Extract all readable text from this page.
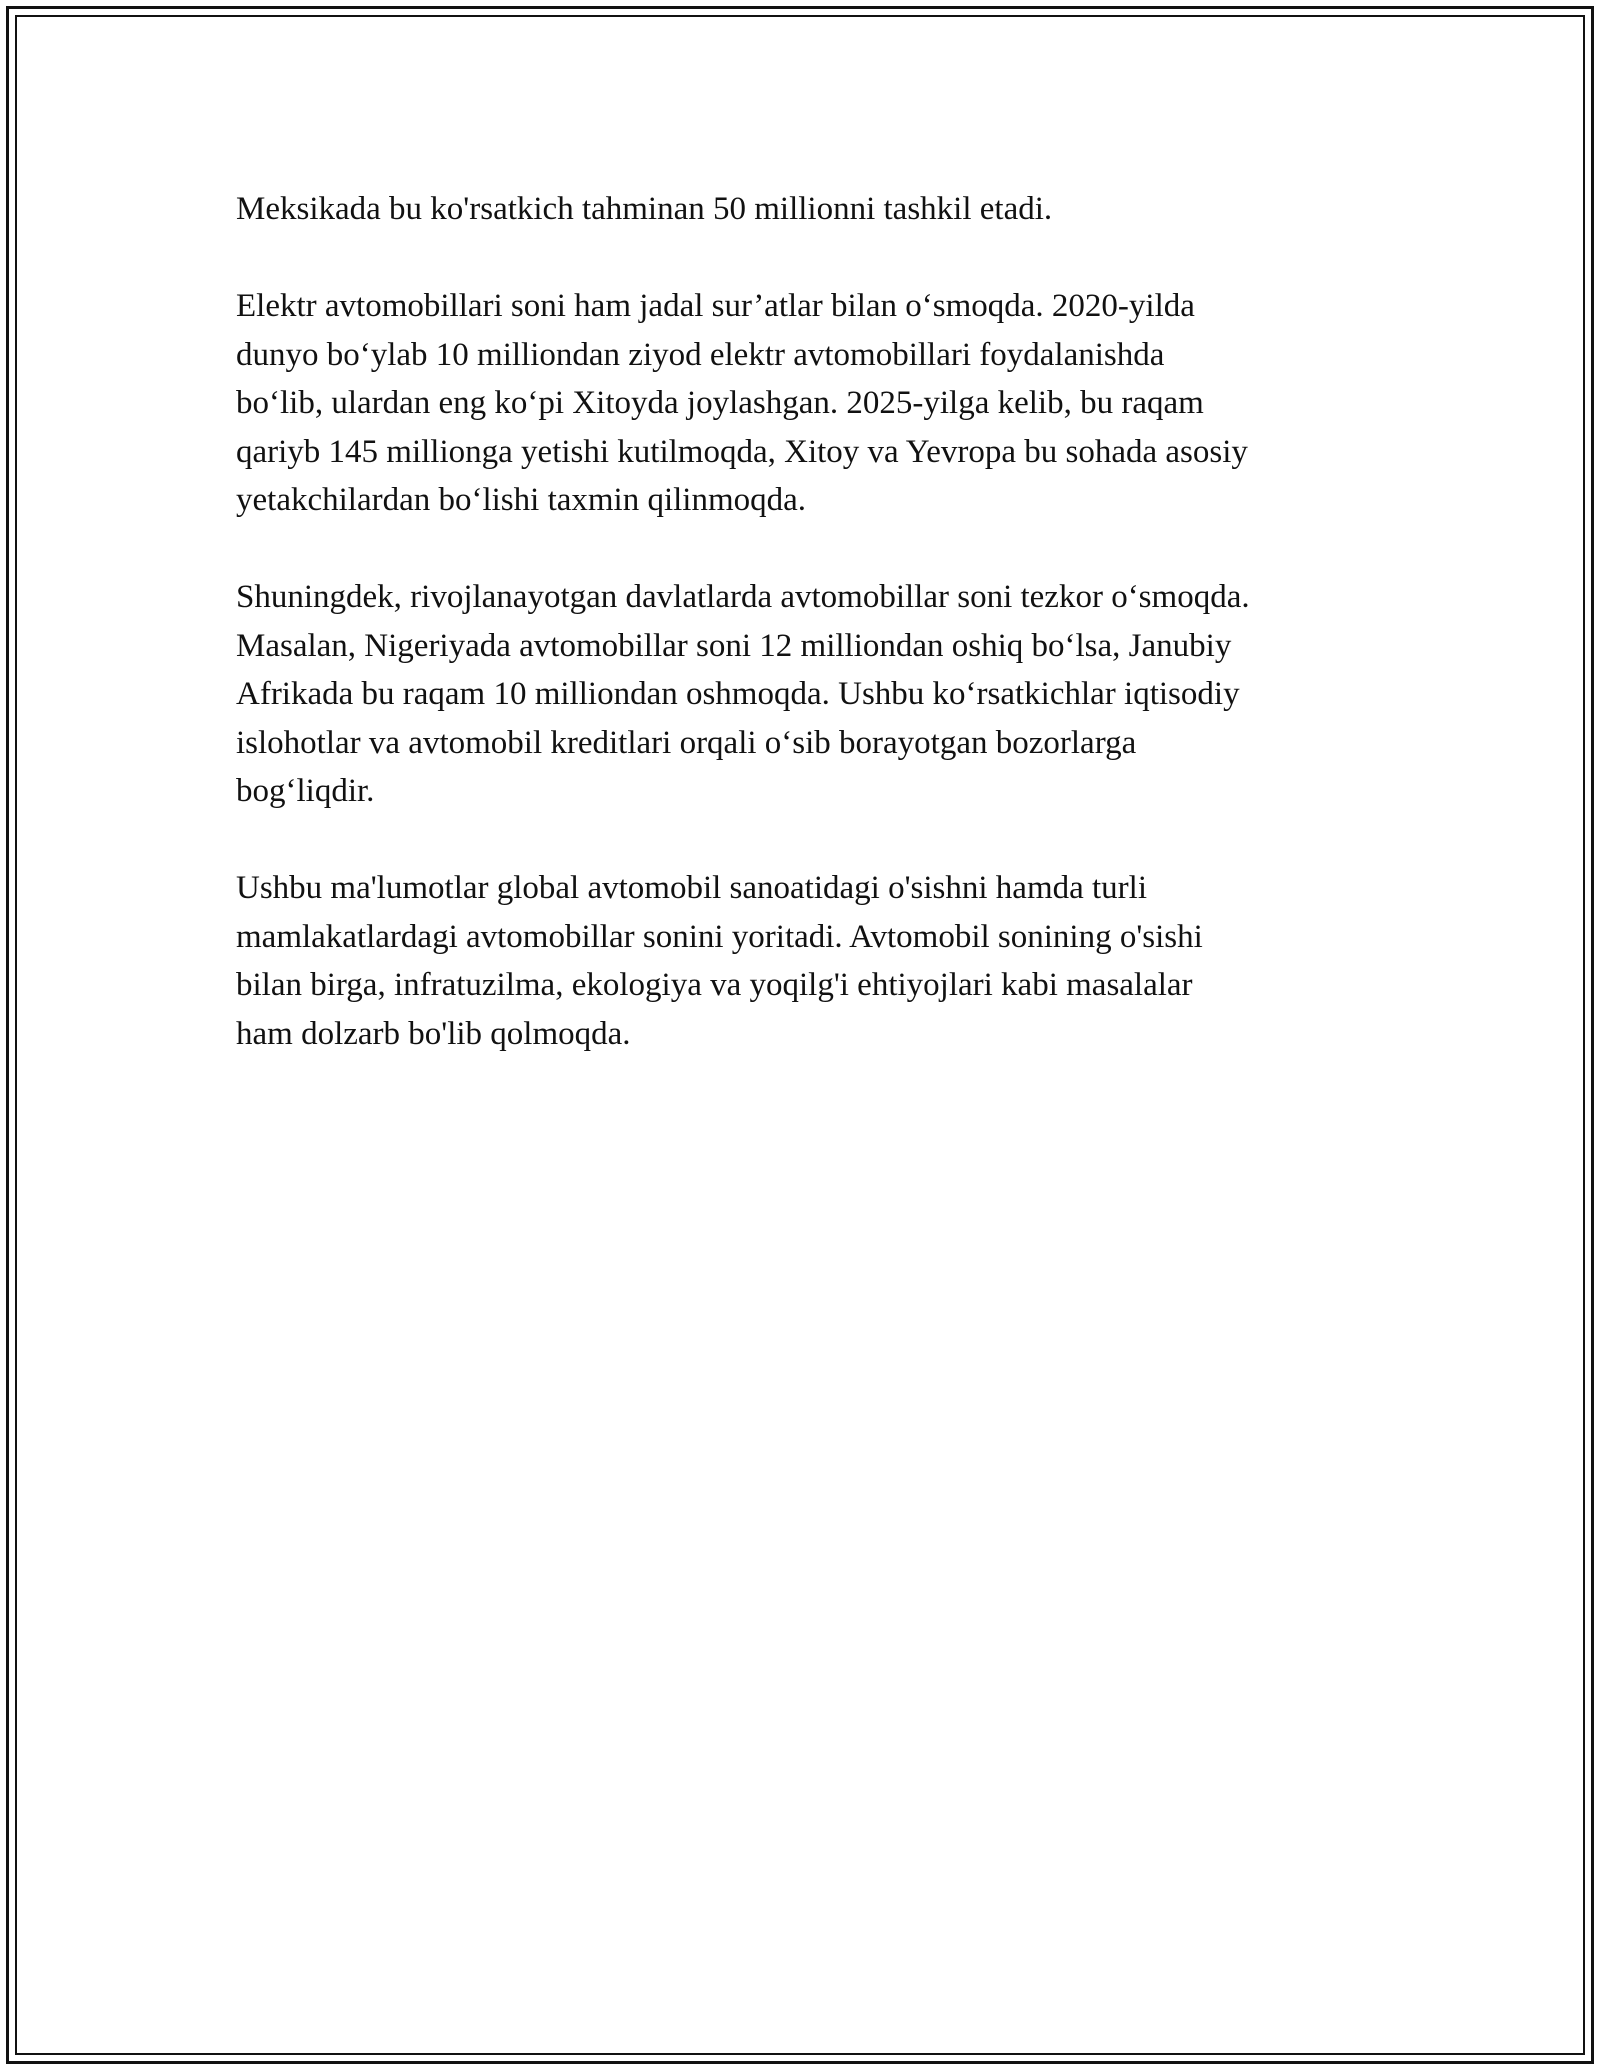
Meksikada bu ko'rsatkich tahminan 50 millionni tashkil etadi.

Elektr avtomobillari soni ham jadal sur’atlar bilan o‘smoqda. 2020-yilda
dunyo bo‘ylab 10 milliondan ziyod elektr avtomobillari foydalanishda
bo‘lib, ulardan eng ko‘pi Xitoyda joylashgan. 2025-yilga kelib, bu raqam
qariyb 145 millionga yetishi kutilmoqda, Xitoy va Yevropa bu sohada asosiy
yetakchilardan bo‘lishi taxmin qilinmoqda.

Shuningdek, rivojlanayotgan davlatlarda avtomobillar soni tezkor o‘smoqda.
Masalan, Nigeriyada avtomobillar soni 12 milliondan oshiq bo‘lsa, Janubiy
Afrikada bu raqam 10 milliondan oshmoqda. Ushbu ko‘rsatkichlar iqtisodiy
islohotlar va avtomobil kreditlari orqali o‘sib borayotgan bozorlarga
bog‘liqdir.

Ushbu ma'lumotlar global avtomobil sanoatidagi o'sishni hamda turli
mamlakatlardagi avtomobillar sonini yoritadi. Avtomobil sonining o'sishi
bilan birga, infratuzilma, ekologiya va yoqilg'i ehtiyojlari kabi masalalar
ham dolzarb bo'lib qolmoqda.
